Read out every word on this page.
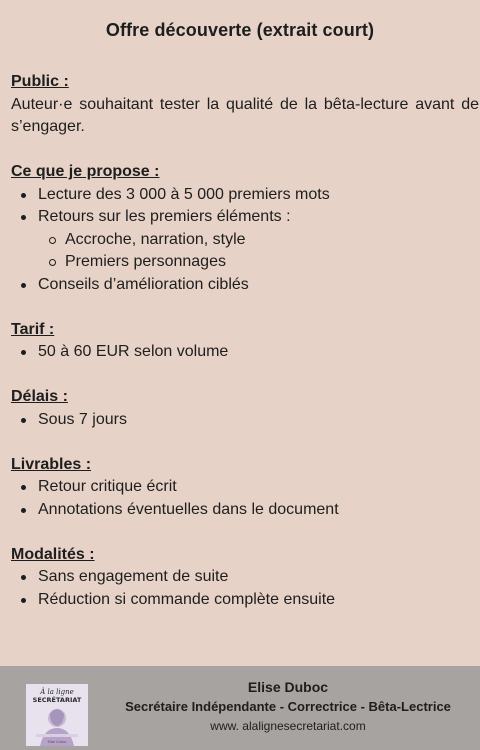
Offre découverte (extrait court)
Public :
Auteur·e souhaitant tester la qualité de la bêta-lecture avant de s’engager.
Ce que je propose :
Lecture des 3 000 à 5 000 premiers mots
Retours sur les premiers éléments :
Accroche, narration, style
Premiers personnages
Conseils d’amélioration ciblés
Tarif :
50 à 60 EUR selon volume
Délais :
Sous 7 jours
Livrables :
Retour critique écrit
Annotations éventuelles dans le document
Modalités :
Sans engagement de suite
Réduction si commande complète ensuite
À la ligne
SECRÉTARIAT
Elise Duboc
Elise Duboc
Secrétaire Indépendante - Correctrice - Bêta-Lectrice
www. alalignesecretariat.com
